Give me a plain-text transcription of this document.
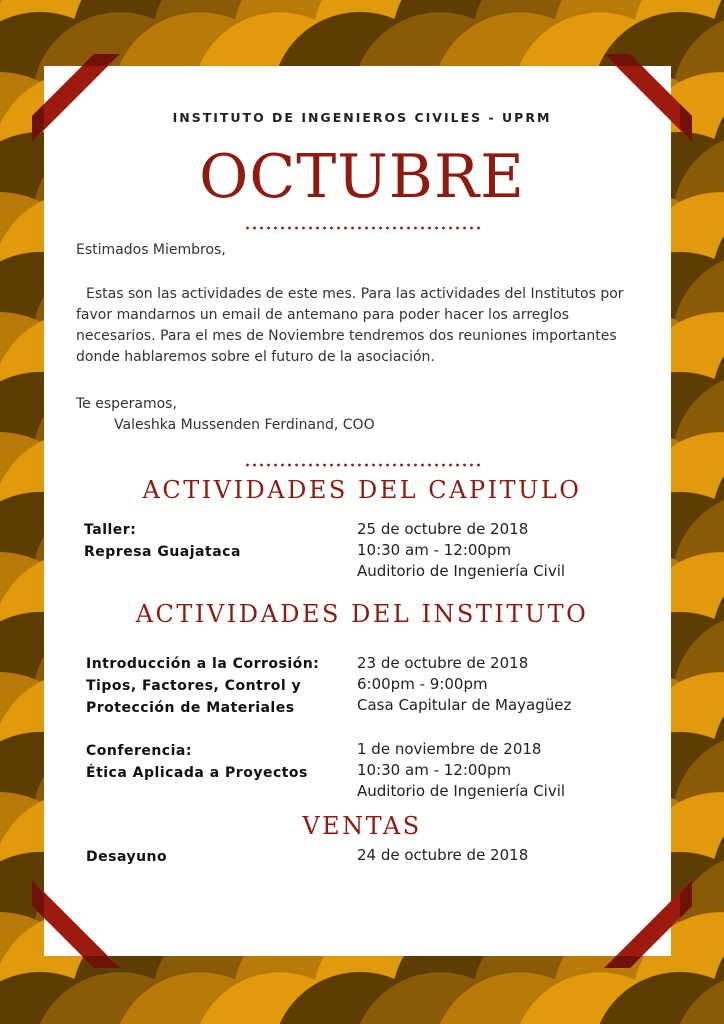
INSTITUTO DE INGENIEROS CIVILES - UPRM
OCTUBRE
Estimados Miembros,
Estas son las actividades de este mes. Para las actividades del Institutos por favor mandarnos un email de antemano para poder hacer los arreglos necesarios. Para el mes de Noviembre tendremos dos reuniones importantes donde hablaremos sobre el futuro de la asociación.
Te esperamos,
Valeshka Mussenden Ferdinand, COO
ACTIVIDADES DEL CAPITULO
Taller:
Represa Guajataca
25 de octubre de 2018
10:30 am - 12:00pm
Auditorio de Ingeniería Civil
ACTIVIDADES DEL INSTITUTO
Introducción a la Corrosión:
Tipos, Factores, Control y
Protección de Materiales
23 de octubre de 2018
6:00pm - 9:00pm
Casa Capitular de Mayagüez
Conferencia:
Ética Aplicada a Proyectos
1 de noviembre de 2018
10:30 am - 12:00pm
Auditorio de Ingeniería Civil
VENTAS
Desayuno	24 de octubre de 2018
